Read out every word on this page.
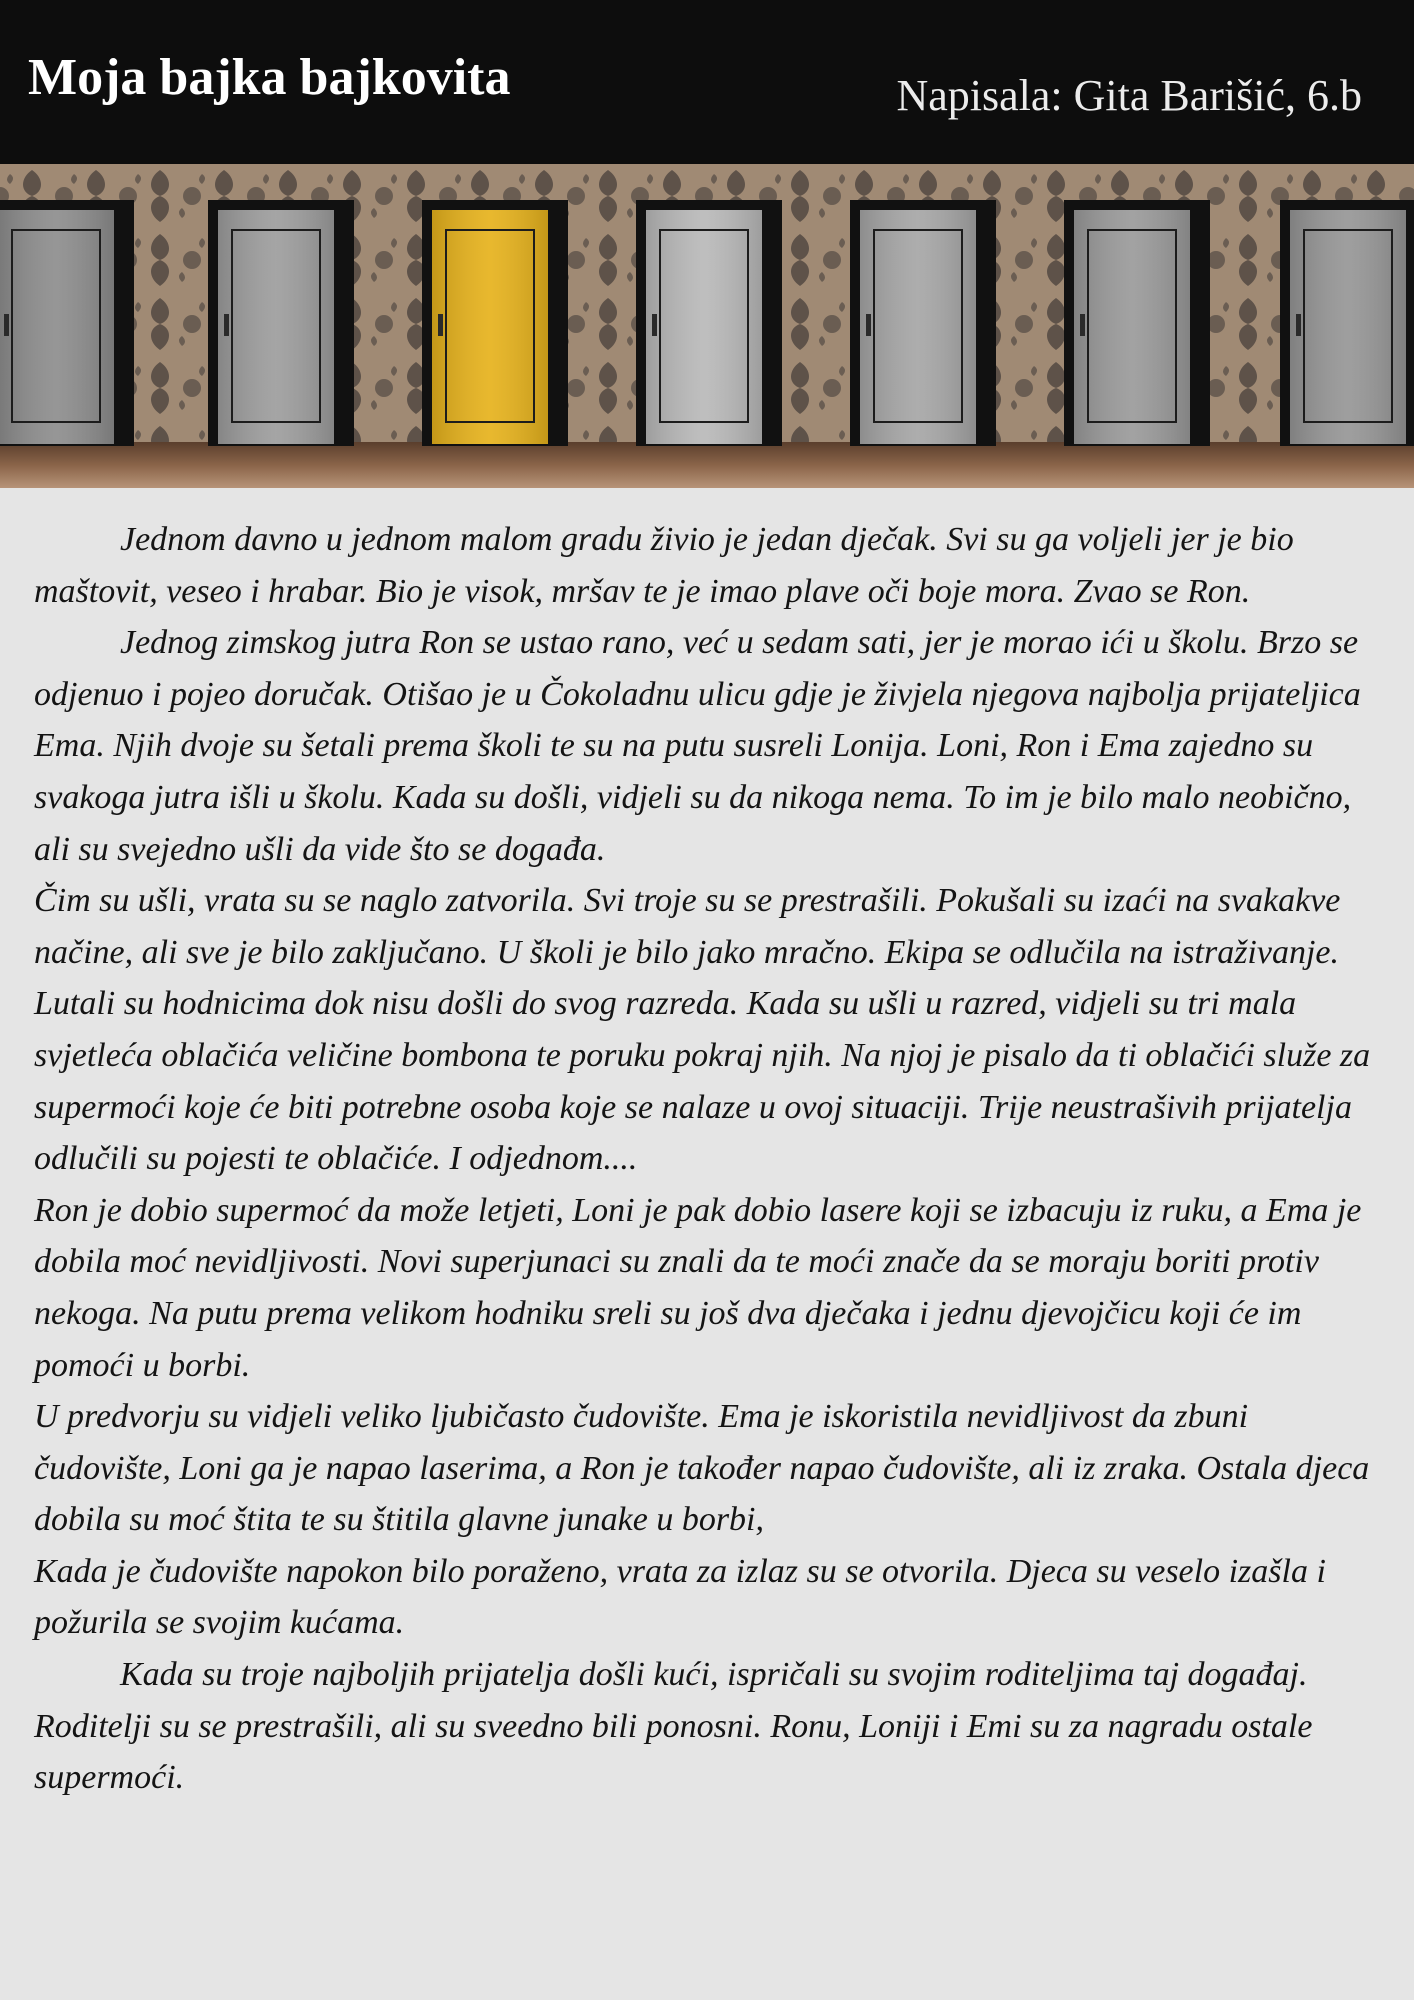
Moja bajka bajkovita	Napisala: Gita Barišić, 6.b

Jednom davno u jednom malom gradu živio je jedan dječak. Svi su ga voljeli jer je bio maštovit, veseo i hrabar. Bio je visok, mršav te je imao plave oči boje mora. Zvao se Ron.

Jednog zimskog jutra Ron se ustao rano, već u sedam sati, jer je morao ići u školu. Brzo se odjenuo i pojeo doručak. Otišao je u Čokoladnu ulicu gdje je živjela njegova najbolja prijateljica Ema. Njih dvoje su šetali prema školi te su na putu susreli Lonija. Loni, Ron i Ema zajedno su svakoga jutra išli u školu. Kada su došli, vidjeli su da nikoga nema. To im je bilo malo neobično, ali su svejedno ušli da vide što se događa.

Čim su ušli, vrata su se naglo zatvorila. Svi troje su se prestrašili. Pokušali su izaći na svakakve načine, ali sve je bilo zaključano. U školi je bilo jako mračno. Ekipa se odlučila na istraživanje. Lutali su hodnicima dok nisu došli do svog razreda. Kada su ušli u razred, vidjeli su tri mala svjetleća oblačića veličine bombona te poruku pokraj njih. Na njoj je pisalo da ti oblačići služe za supermoći koje će biti potrebne osoba koje se nalaze u ovoj situaciji. Trije neustrašivih prijatelja odlučili su pojesti te oblačiće. I odjednom....

Ron je dobio supermoć da može letjeti, Loni je pak dobio lasere koji se izbacuju iz ruku, a Ema je dobila moć nevidljivosti. Novi superjunaci su znali da te moći znače da se moraju boriti protiv nekoga. Na putu prema velikom hodniku sreli su još dva dječaka i jednu djevojčicu koji će im pomoći u borbi.

U predvorju su vidjeli veliko ljubičasto čudovište. Ema je iskoristila nevidljivost da zbuni čudovište, Loni ga je napao laserima, a Ron je također napao čudovište, ali iz zraka. Ostala djeca dobila su moć štita te su štitila glavne junake u borbi,

Kada je čudovište napokon bilo poraženo, vrata za izlaz su se otvorila. Djeca su veselo izašla i požurila se svojim kućama.

Kada su troje najboljih prijatelja došli kući, ispričali su svojim roditeljima taj događaj. Roditelji su se prestrašili, ali su sveedno bili ponosni. Ronu, Loniji i Emi su za nagradu ostale supermoći.
